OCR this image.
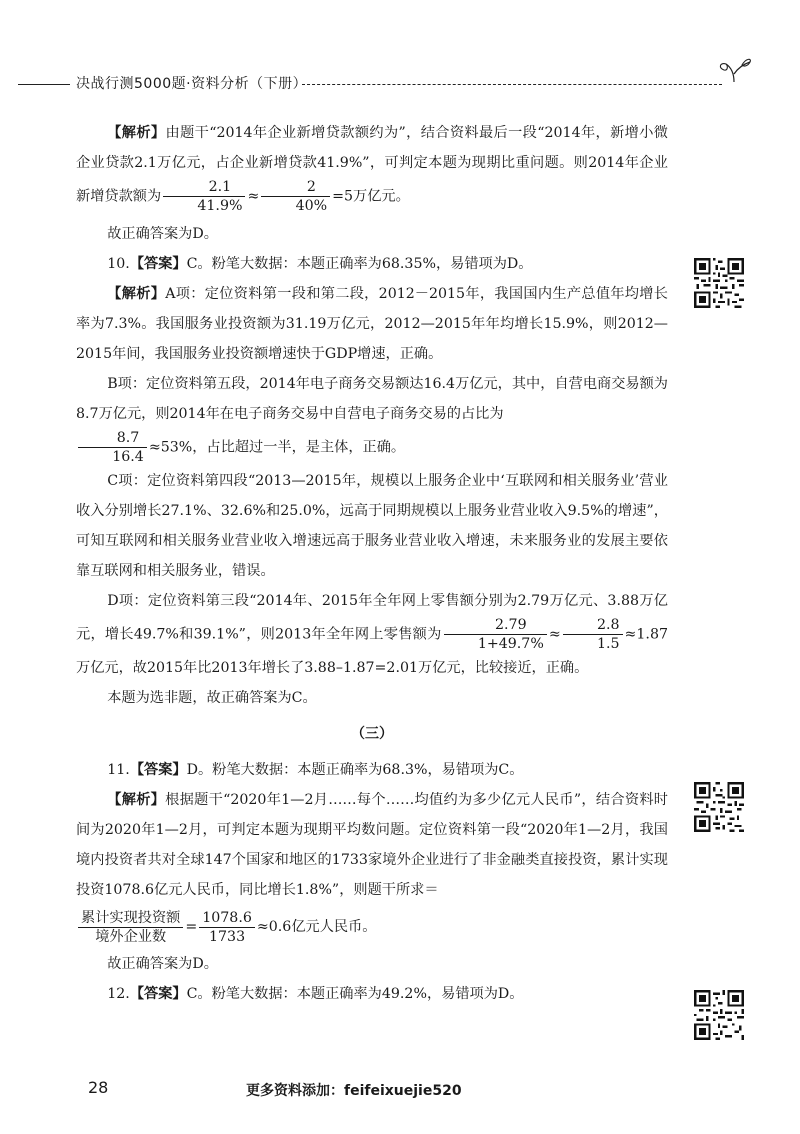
决战行测5000题·资料分析（下册）

【解析】由题干“2014年企业新增贷款额约为”，结合资料最后一段“2014年，新增小微企业贷款2.1万亿元，占企业新增贷款41.9%”，可判定本题为现期比重问题。则2014年企业新增贷款额为 $\frac{2.1}{41.9\%} \approx \frac{2}{40\%} =5$万亿元。

故正确答案为D。

10.【答案】C。粉笔大数据：本题正确率为68.35%，易错项为D。

【解析】A项：定位资料第一段和第二段，2012－2015年，我国国内生产总值年均增长率为7.3%。我国服务业投资额为31.19万亿元，2012—2015年年均增长15.9%，则2012—2015年间，我国服务业投资额增速快于GDP增速，正确。

B项：定位资料第五段，2014年电子商务交易额达16.4万亿元，其中，自营电商交易额为8.7万亿元，则2014年在电子商务交易中自营电子商务交易的占比为

$\frac{8.7}{16.4} \approx 53\%$，占比超过一半，是主体，正确。

C项：定位资料第四段“2013—2015年，规模以上服务企业中‘互联网和相关服务业’营业收入分别增长27.1%、32.6%和25.0%，远高于同期规模以上服务业营业收入9.5%的增速”，可知互联网和相关服务业营业收入增速远高于服务业营业收入增速，未来服务业的发展主要依靠互联网和相关服务业，错误。

D项：定位资料第三段“2014年、2015年全年网上零售额分别为2.79万亿元、3.88万亿元，增长49.7%和39.1%”，则2013年全年网上零售额为 $\frac{2.79}{1+49.7\%} \approx \frac{2.8}{1.5} \approx 1.87$万亿元，故2015年比2013年增长了3.88–1.87=2.01万亿元，比较接近，正确。

本题为选非题，故正确答案为C。

（三）

11.【答案】D。粉笔大数据：本题正确率为68.3%，易错项为C。

【解析】根据题干“2020年1—2月……每个……均值约为多少亿元人民币”，结合资料时间为2020年1—2月，可判定本题为现期平均数问题。定位资料第一段“2020年1—2月，我国境内投资者共对全球147个国家和地区的1733家境外企业进行了非金融类直接投资，累计实现投资1078.6亿元人民币，同比增长1.8%”，则题干所求＝

$\frac{\text{累计实现投资额}}{\text{境外企业数}} = \frac{1078.6}{1733} \approx 0.6$亿元人民币。

故正确答案为D。

12.【答案】C。粉笔大数据：本题正确率为49.2%，易错项为D。

28	更多资料添加：feifeixuejie520
